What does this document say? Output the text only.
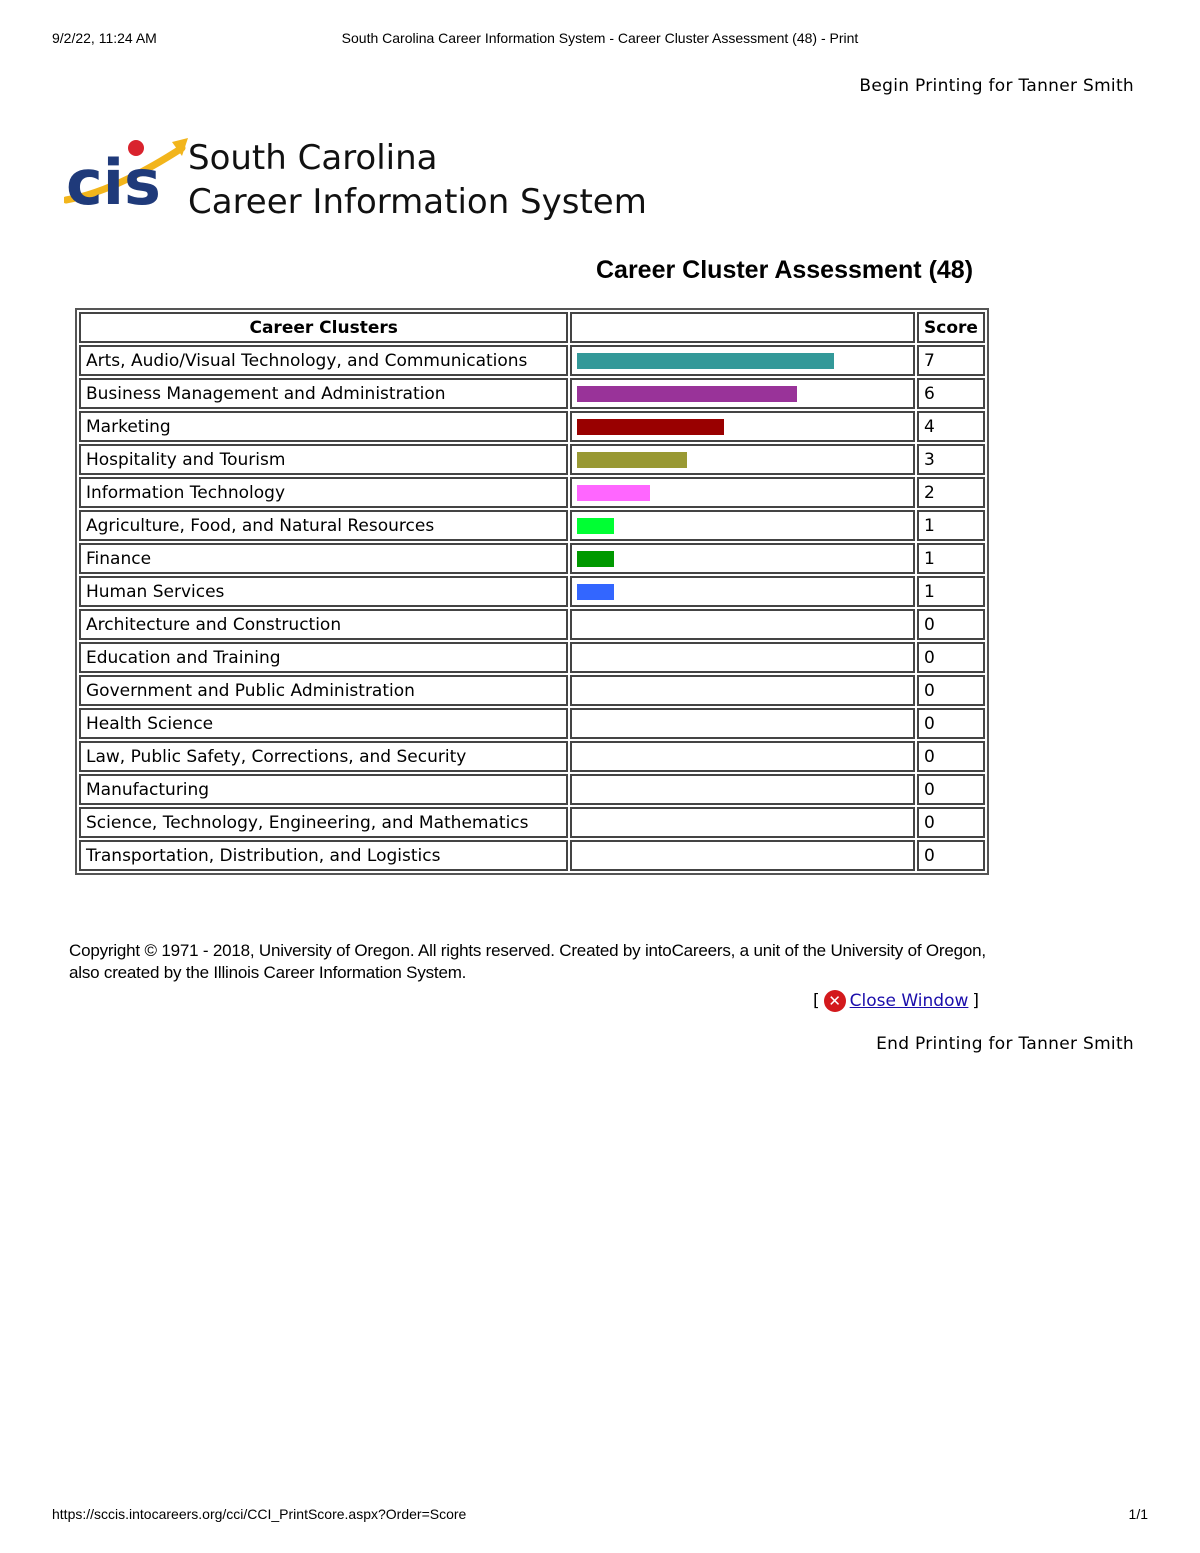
9/2/22, 11:24 AM	South Carolina Career Information System - Career Cluster Assessment (48) - Print
Begin Printing for Tanner Smith
cis South Carolina
Career Information System
Career Cluster Assessment (48)
Career Clusters		Score
Arts, Audio/Visual Technology, and Communications		7
Business Management and Administration		6
Marketing		4
Hospitality and Tourism		3
Information Technology		2
Agriculture, Food, and Natural Resources		1
Finance		1
Human Services		1
Architecture and Construction		0
Education and Training		0
Government and Public Administration		0
Health Science		0
Law, Public Safety, Corrections, and Security		0
Manufacturing		0
Science, Technology, Engineering, and Mathematics		0
Transportation, Distribution, and Logistics		0
Copyright © 1971 - 2018, University of Oregon. All rights reserved. Created by intoCareers, a unit of the University of Oregon, also created by the Illinois Career Information System.
[ ✕ Close Window ]
End Printing for Tanner Smith
https://sccis.intocareers.org/cci/CCI_PrintScore.aspx?Order=Score	1/1
